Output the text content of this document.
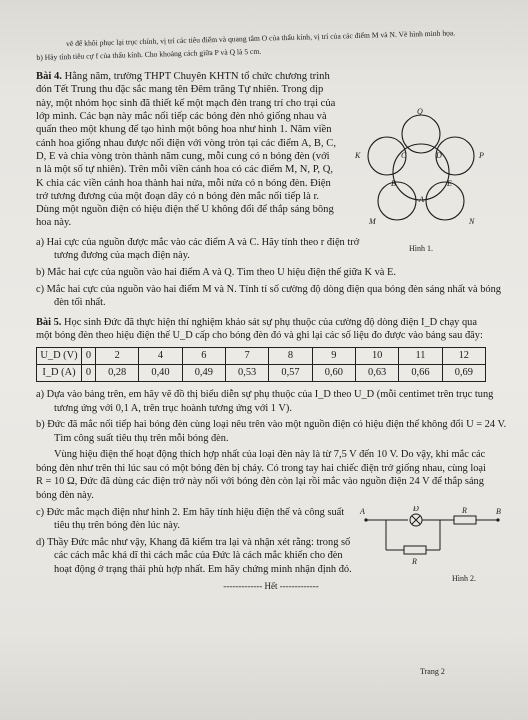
vẽ để khôi phục lại trục chính, vị trí các tiêu điểm và quang tâm O của thấu kính, vị trí của các điểm M và N. Vẽ hình minh họa.

b) Hãy tính tiêu cự f của thấu kính. Cho khoảng cách giữa P và Q là 5 cm.

Bài 4. Hằng năm, trường THPT Chuyên KHTN tổ chức chương trình đón Tết Trung thu đặc sắc mang tên Đêm trăng Tự nhiên. Trong dịp này, một nhóm học sinh đã thiết kế một mạch đèn trang trí cho trại của lớp mình. Các bạn này mắc nối tiếp các bóng đèn nhỏ giống nhau và quấn theo một khung để tạo hình một bông hoa như hình 1. Năm viền cánh hoa giống nhau được nối điện với vòng tròn tại các điểm A, B, C, D, E và chia vòng tròn thành năm cung, mỗi cung có n bóng đèn (với n là một số tự nhiên). Trên mỗi viền cánh hoa có các điểm M, N, P, Q, K chia các viền cánh hoa thành hai nửa, mỗi nửa có n bóng đèn. Điện trở tương đương của một đoạn dây có n bóng đèn mắc nối tiếp là r. Dùng một nguồn điện có hiệu điện thế U không đổi để thắp sáng bông hoa này.

Q
K	P
C	D
B	E
A
M	N
Hình 1.

a) Hai cực của nguồn được mắc vào các điểm A và C. Hãy tính theo r điện trở tương đương của mạch điện này.

b) Mắc hai cực của nguồn vào hai điểm A và Q. Tìm theo U hiệu điện thế giữa K và E.

c) Mắc hai cực của nguồn vào hai điểm M và N. Tính tỉ số cường độ dòng điện qua bóng đèn sáng nhất và bóng đèn tối nhất.

Bài 5. Học sinh Đức đã thực hiện thí nghiệm khảo sát sự phụ thuộc của cường độ dòng điện I_D chạy qua một bóng đèn theo hiệu điện thế U_D cấp cho bóng đèn đó và ghi lại các số liệu đo được vào bảng sau đây:

U_D (V)	0	2	4	6	7	8	9	10	11	12
I_D (A)	0	0,28	0,40	0,49	0,53	0,57	0,60	0,63	0,66	0,69

a) Dựa vào bảng trên, em hãy vẽ đồ thị biểu diễn sự phụ thuộc của I_D theo U_D (mỗi centimet trên trục tung tương ứng với 0,1 A, trên trục hoành tương ứng với 1 V).

b) Đức đã mắc nối tiếp hai bóng đèn cùng loại nêu trên vào một nguồn điện có hiệu điện thế không đổi U = 24 V. Tìm công suất tiêu thụ trên mỗi bóng đèn.

Vùng hiệu điện thế hoạt động thích hợp nhất của loại đèn này là từ 7,5 V đến 10 V. Do vậy, khi mắc các bóng đèn như trên thì lúc sau có một bóng đèn bị cháy. Có trong tay hai chiếc điện trở giống nhau, cùng loại R = 10 Ω, Đức đã dùng các điện trở này nối với bóng đèn còn lại rồi mắc vào nguồn điện 24 V để thắp sáng bóng đèn này.

A	Đ	R	B
R
Hình 2.

c) Đức mắc mạch điện như hình 2. Em hãy tính hiệu điện thế và công suất tiêu thụ trên bóng đèn lúc này.

d) Thầy Đức mắc như vậy, Khang đã kiểm tra lại và nhận xét rằng: trong số các cách mắc khả dĩ thì cách mắc của Đức là cách mắc khiến cho đèn hoạt động ở trạng thái phù hợp nhất. Em hãy chứng minh nhận định đó.

------------- Hết -------------

Trang 2
